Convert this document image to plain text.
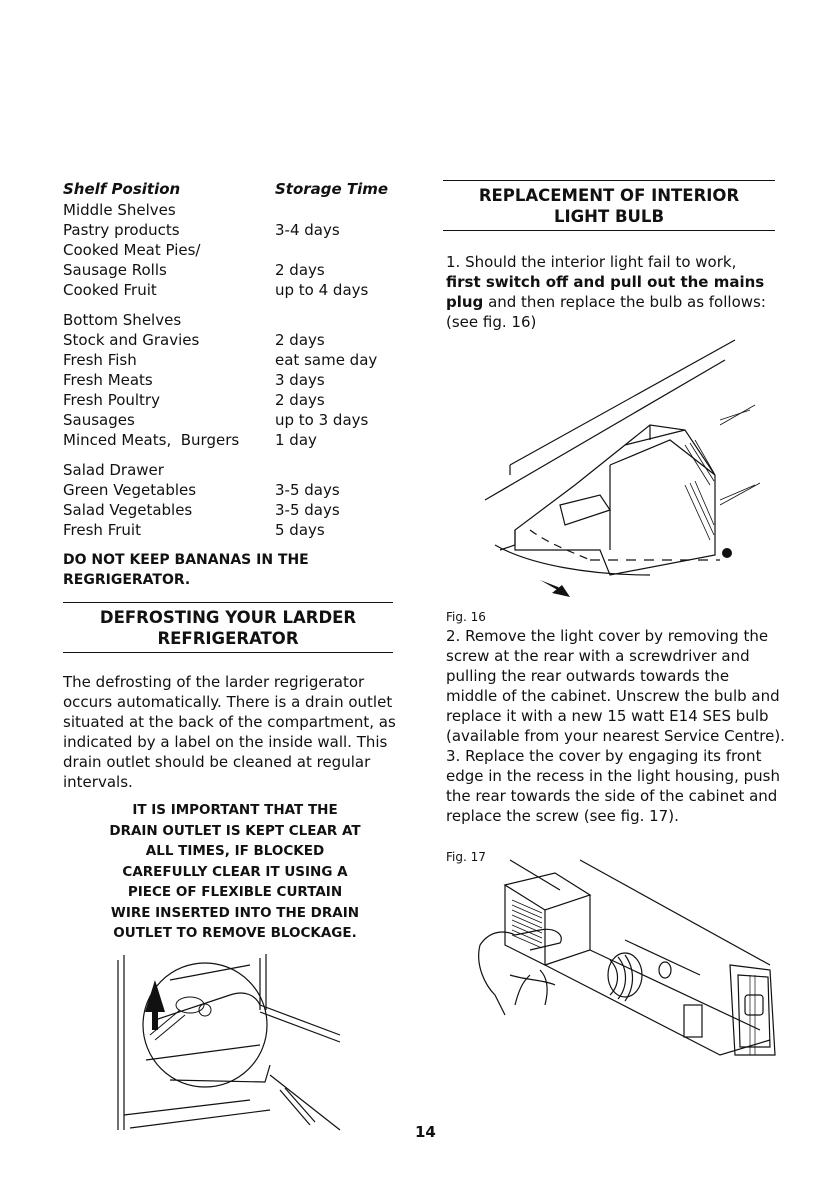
Shelf Position	Storage Time
Middle Shelves
Pastry products	3-4 days
Cooked Meat Pies/
Sausage Rolls	2 days
Cooked Fruit	up to 4 days
Bottom Shelves
Stock and Gravies	2 days
Fresh Fish	eat same day
Fresh Meats	3 days
Fresh Poultry	2 days
Sausages	up to 3 days
Minced Meats,  Burgers 1 day
Salad Drawer
Green Vegetables	3-5 days
Salad Vegetables	3-5 days
Fresh Fruit	5 days
DO NOT KEEP BANANAS IN THE
REGRIGERATOR.
DEFROSTING YOUR LARDER
REFRIGERATOR
The defrosting of the larder regrigerator
occurs automatically. There is a drain outlet
situated at the back of the compartment, as
indicated by a label on the inside wall. This
drain outlet should be cleaned at regular
intervals.
IT IS IMPORTANT THAT THE
DRAIN OUTLET IS KEPT CLEAR AT
ALL TIMES, IF BLOCKED
CAREFULLY CLEAR IT USING A
PIECE OF FLEXIBLE CURTAIN
WIRE INSERTED INTO THE DRAIN
OUTLET TO REMOVE BLOCKAGE.
REPLACEMENT OF INTERIOR
LIGHT BULB
1. Should the interior light fail to work,
first switch off and pull out the mains
plug and then replace the bulb as follows:
(see fig. 16)
Fig. 16
2. Remove the light cover by removing the
screw at the rear with a screwdriver and
pulling the rear outwards towards the
middle of the cabinet. Unscrew the bulb and
replace it with a new 15 watt E14 SES bulb
(available from your nearest Service Centre).
3. Replace the cover by engaging its front
edge in the recess in the light housing, push
the rear towards the side of the cabinet and
replace the screw (see fig. 17).
Fig. 17
14
